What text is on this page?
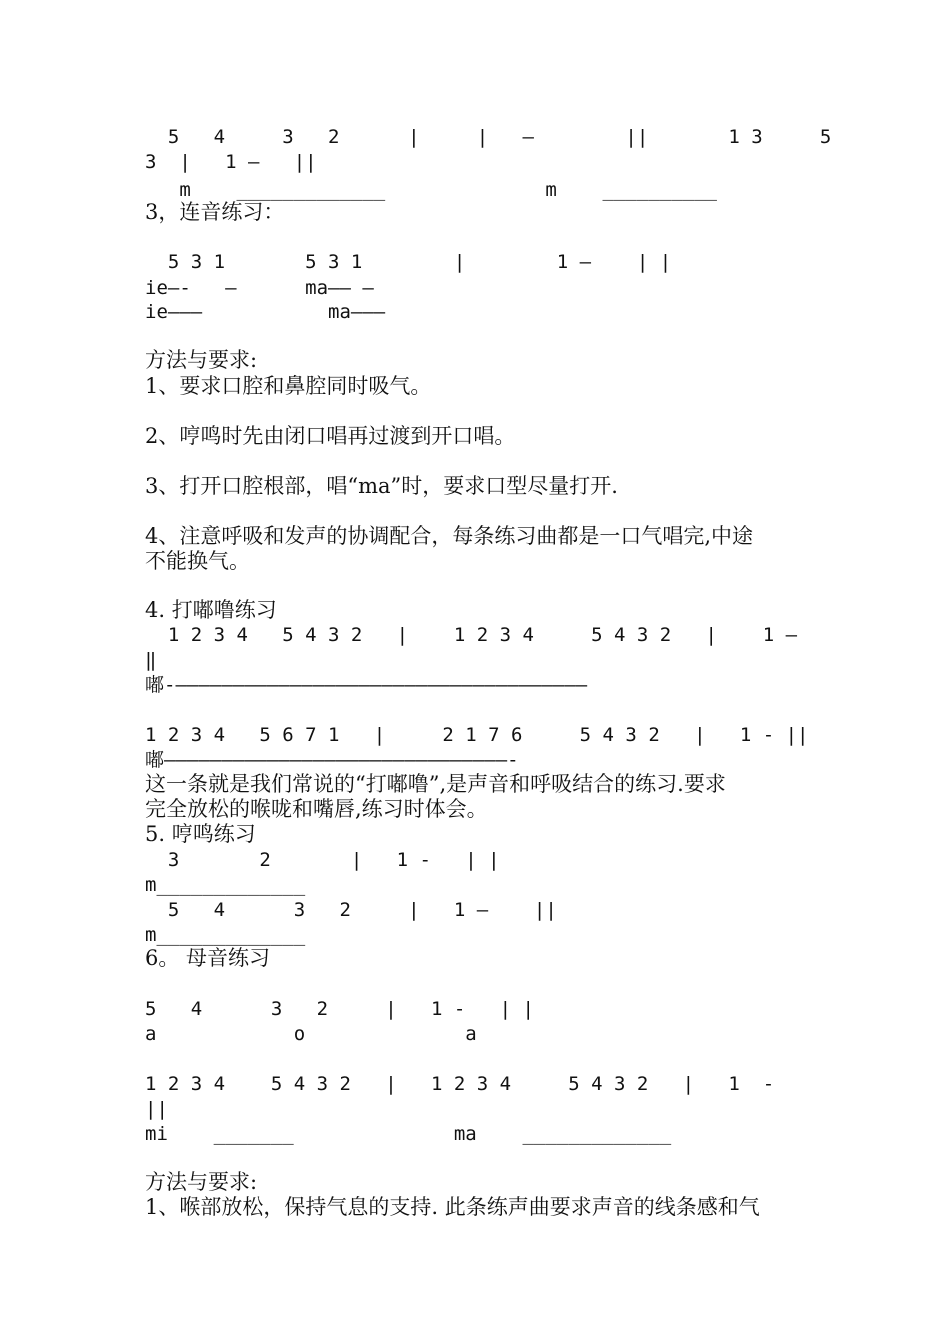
5   4     3   2      |     |   —        ||       1 3     5
3  |   1 —   ||
m    _____________              m    __________
3，连音练习：
5 3 1       5 3 1        |        1 —    | |
ie—-   —      ma—— —
ie———           ma———
方法与要求:
1、要求口腔和鼻腔同时吸气。
2、哼鸣时先由闭口唱再过渡到开口唱。
3、打开口腔根部，唱“ma”时，要求口型尽量打开.
4、注意呼吸和发声的协调配合，每条练习曲都是一口气唱完,中途
不能换气。
4. 打嘟噜练习
1 2 3 4   5 4 3 2   |    1 2 3 4     5 4 3 2   |    1 —
‖
嘟-————————————————————————————————————
1 2 3 4   5 6 7 1   |     2 1 7 6     5 4 3 2   |   1 - ||
嘟——————————————————————————————-
这一条就是我们常说的“打嘟噜”,是声音和呼吸结合的练习.要求
完全放松的喉咙和嘴唇,练习时体会。
5. 哼鸣练习
3       2       |   1 -   | |
m_____________
5   4      3   2     |   1 —    ||
m_____________
6。 母音练习
5   4      3   2     |   1 -   | |
a            o              a
1 2 3 4    5 4 3 2   |   1 2 3 4     5 4 3 2   |   1  -
||
mi    _______              ma    _____________
方法与要求:
1、喉部放松，保持气息的支持. 此条练声曲要求声音的线条感和气
